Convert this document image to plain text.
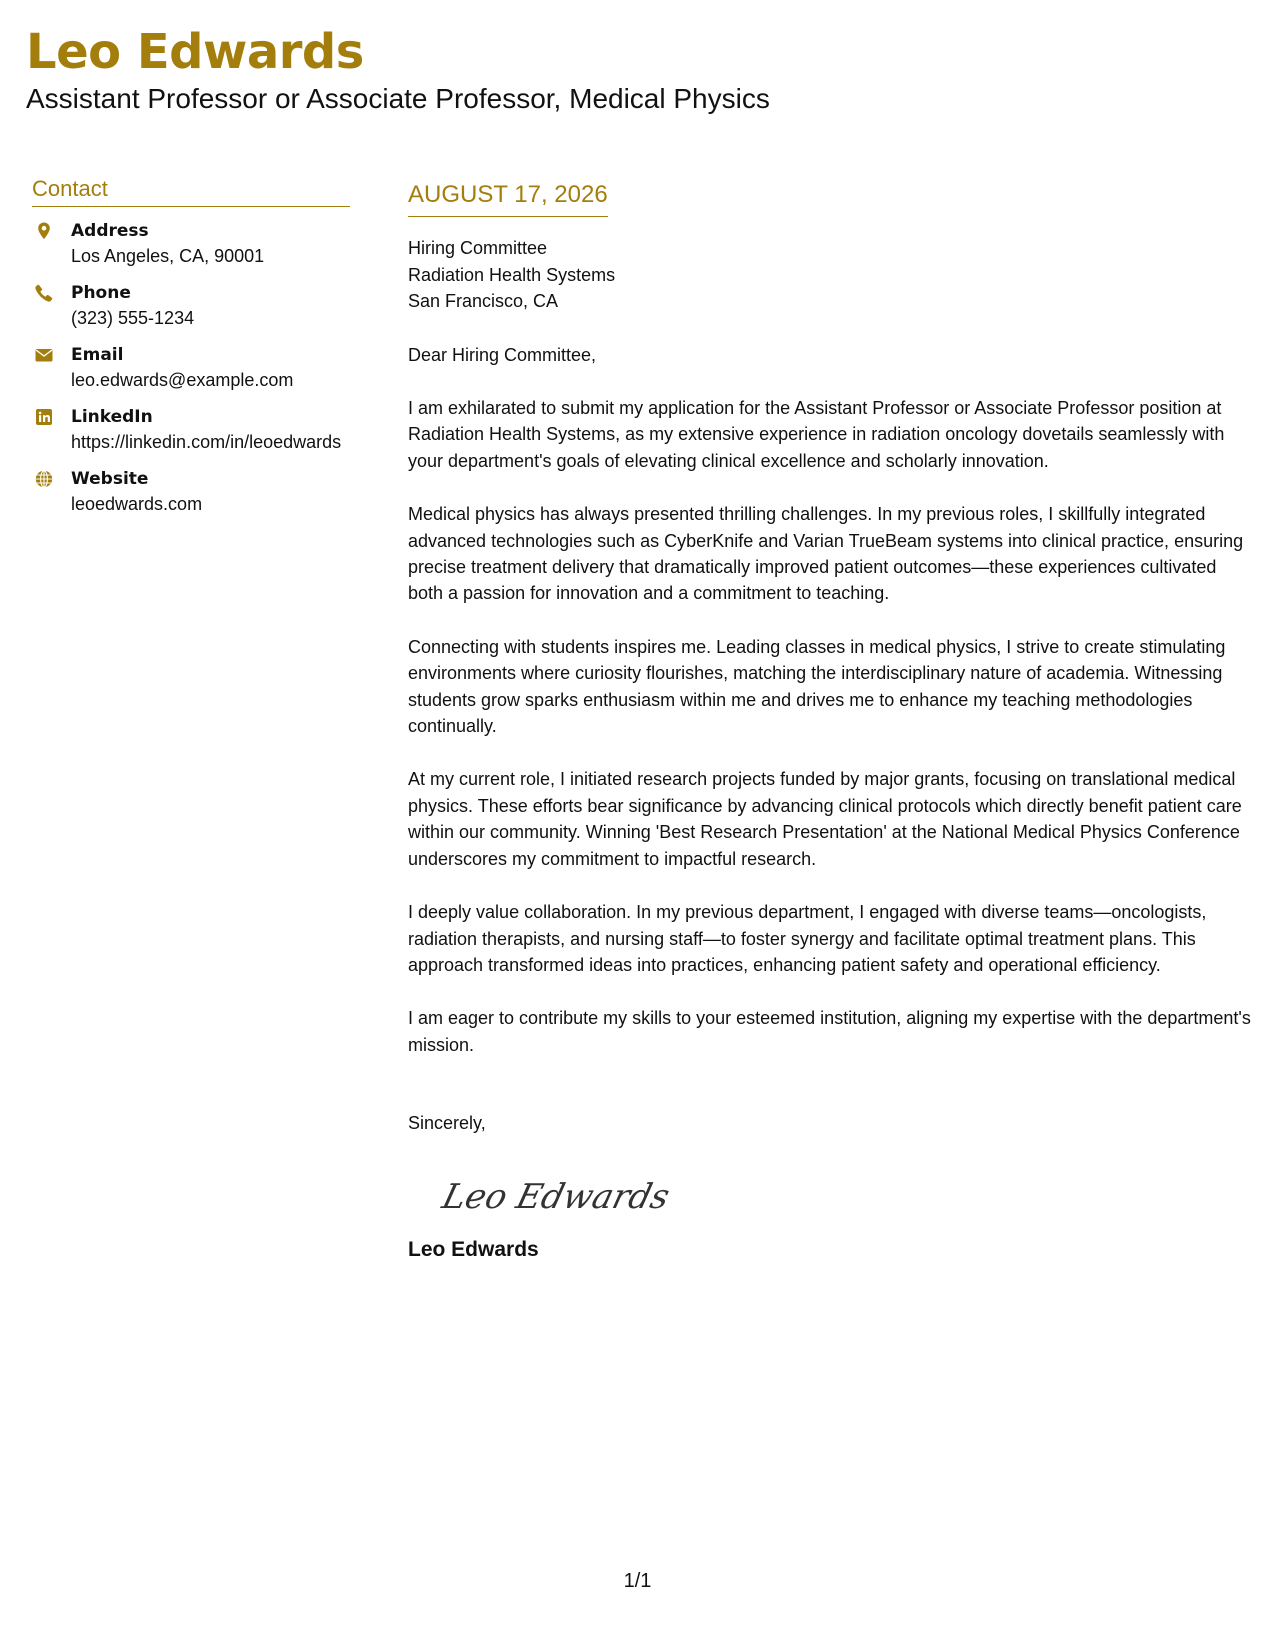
Leo Edwards
Assistant Professor or Associate Professor, Medical Physics
Contact
Address
Los Angeles, CA, 90001
Phone
(323) 555-1234
Email
leo.edwards@example.com
LinkedIn
https://linkedin.com/in/leoedwards
Website
leoedwards.com
AUGUST 17, 2026
Hiring Committee
Radiation Health Systems
San Francisco, CA
Dear Hiring Committee,
I am exhilarated to submit my application for the Assistant Professor or Associate Professor position at Radiation Health Systems, as my extensive experience in radiation oncology dovetails seamlessly with your department's goals of elevating clinical excellence and scholarly innovation.
Medical physics has always presented thrilling challenges. In my previous roles, I skillfully integrated advanced technologies such as CyberKnife and Varian TrueBeam systems into clinical practice, ensuring precise treatment delivery that dramatically improved patient outcomes—these experiences cultivated both a passion for innovation and a commitment to teaching.
Connecting with students inspires me. Leading classes in medical physics, I strive to create stimulating environments where curiosity flourishes, matching the interdisciplinary nature of academia. Witnessing students grow sparks enthusiasm within me and drives me to enhance my teaching methodologies continually.
At my current role, I initiated research projects funded by major grants, focusing on translational medical physics. These efforts bear significance by advancing clinical protocols which directly benefit patient care within our community. Winning 'Best Research Presentation' at the National Medical Physics Conference underscores my commitment to impactful research.
I deeply value collaboration. In my previous department, I engaged with diverse teams—oncologists, radiation therapists, and nursing staff—to foster synergy and facilitate optimal treatment plans. This approach transformed ideas into practices, enhancing patient safety and operational efficiency.
I am eager to contribute my skills to your esteemed institution, aligning my expertise with the department's mission.
Sincerely,
Leo Edwards
Leo Edwards
1/1
